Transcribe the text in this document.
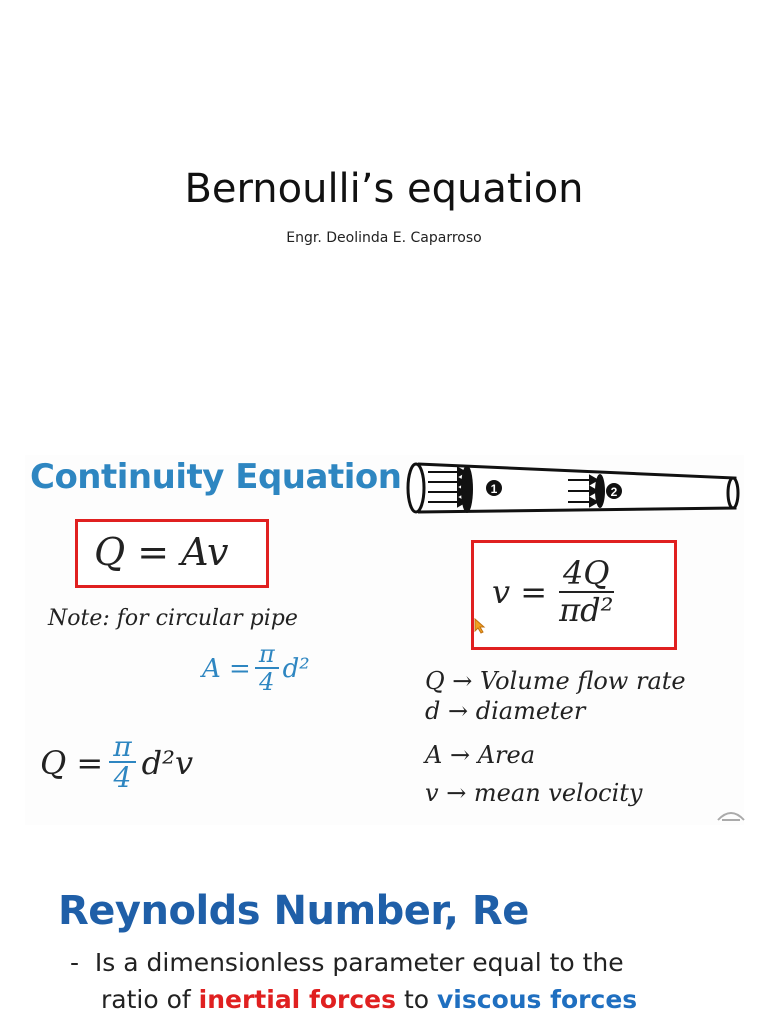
Bernoulli’s equation
Engr. Deolinda E. Caparroso
Continuity Equation	1	2
Q = Av
Note: for circular pipe
$A = \frac{\pi}{4} d^2$
$Q = \frac{\pi}{4} d^2v$
$v = \frac{4Q}{\text{πd²}}$
Q → Volume flow rate
d → diameter
A → Area
v → mean velocity
Reynolds Number, Re
-  Is a dimensionless parameter equal to the
ratio of inertial forces to viscous forces
